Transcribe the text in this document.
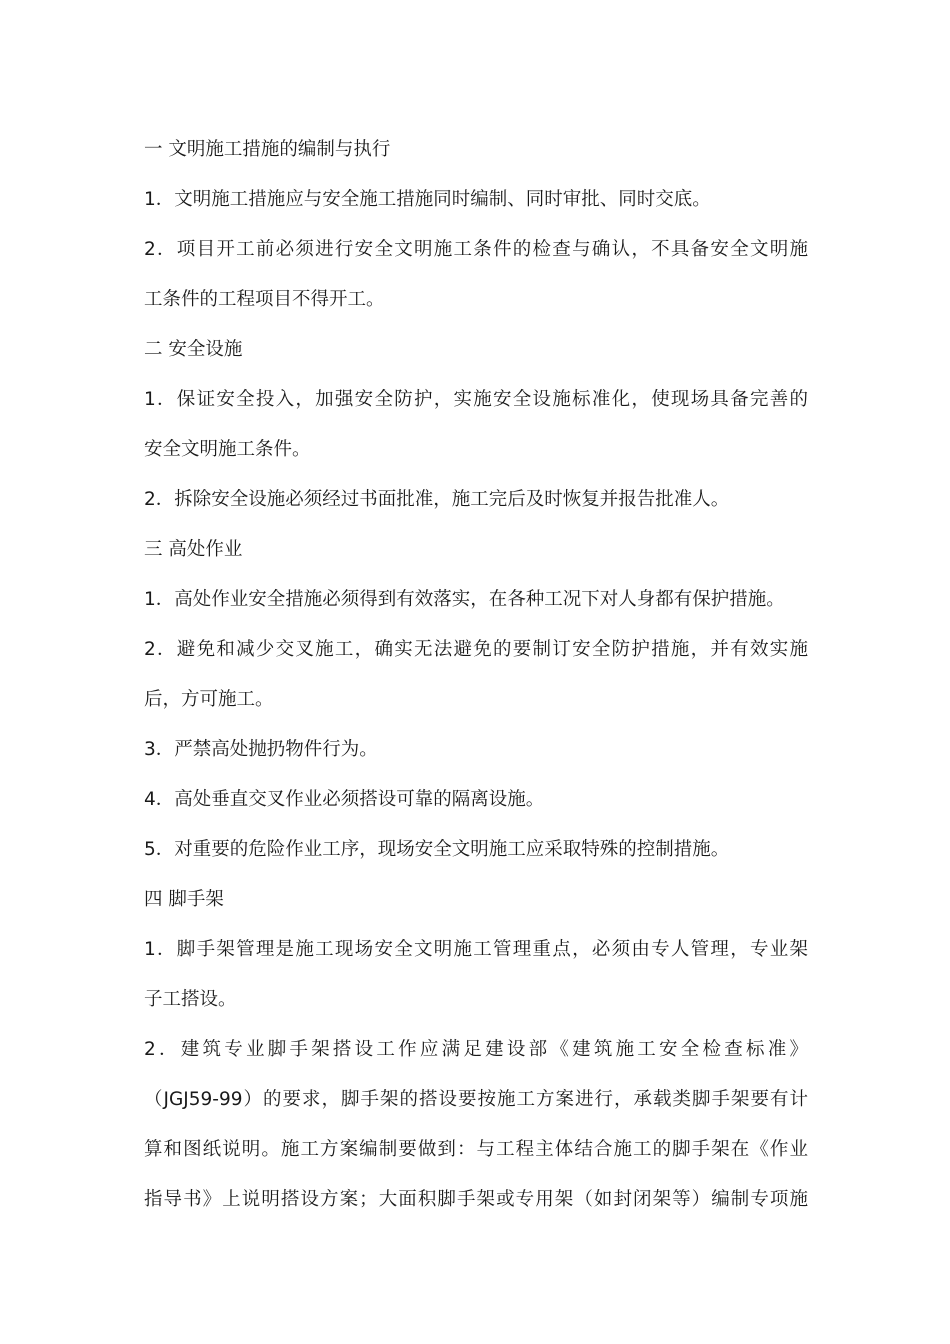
一 文明施工措施的编制与执行
1．文明施工措施应与安全施工措施同时编制、同时审批、同时交底。
2．项目开工前必须进行安全文明施工条件的检查与确认，不具备安全文明施
工条件的工程项目不得开工。
二 安全设施
1．保证安全投入，加强安全防护，实施安全设施标准化，使现场具备完善的
安全文明施工条件。
2．拆除安全设施必须经过书面批准，施工完后及时恢复并报告批准人。
三 高处作业
1．高处作业安全措施必须得到有效落实，在各种工况下对人身都有保护措施。
2．避免和减少交叉施工，确实无法避免的要制订安全防护措施，并有效实施
后，方可施工。
3．严禁高处抛扔物件行为。
4．高处垂直交叉作业必须搭设可靠的隔离设施。
5．对重要的危险作业工序，现场安全文明施工应采取特殊的控制措施。
四 脚手架
1．脚手架管理是施工现场安全文明施工管理重点，必须由专人管理，专业架
子工搭设。
2．建筑专业脚手架搭设工作应满足建设部《建筑施工安全检查标准》
（JGJ59-99）的要求，脚手架的搭设要按施工方案进行，承载类脚手架要有计
算和图纸说明。施工方案编制要做到：与工程主体结合施工的脚手架在《作业
指导书》上说明搭设方案；大面积脚手架或专用架（如封闭架等）编制专项施
